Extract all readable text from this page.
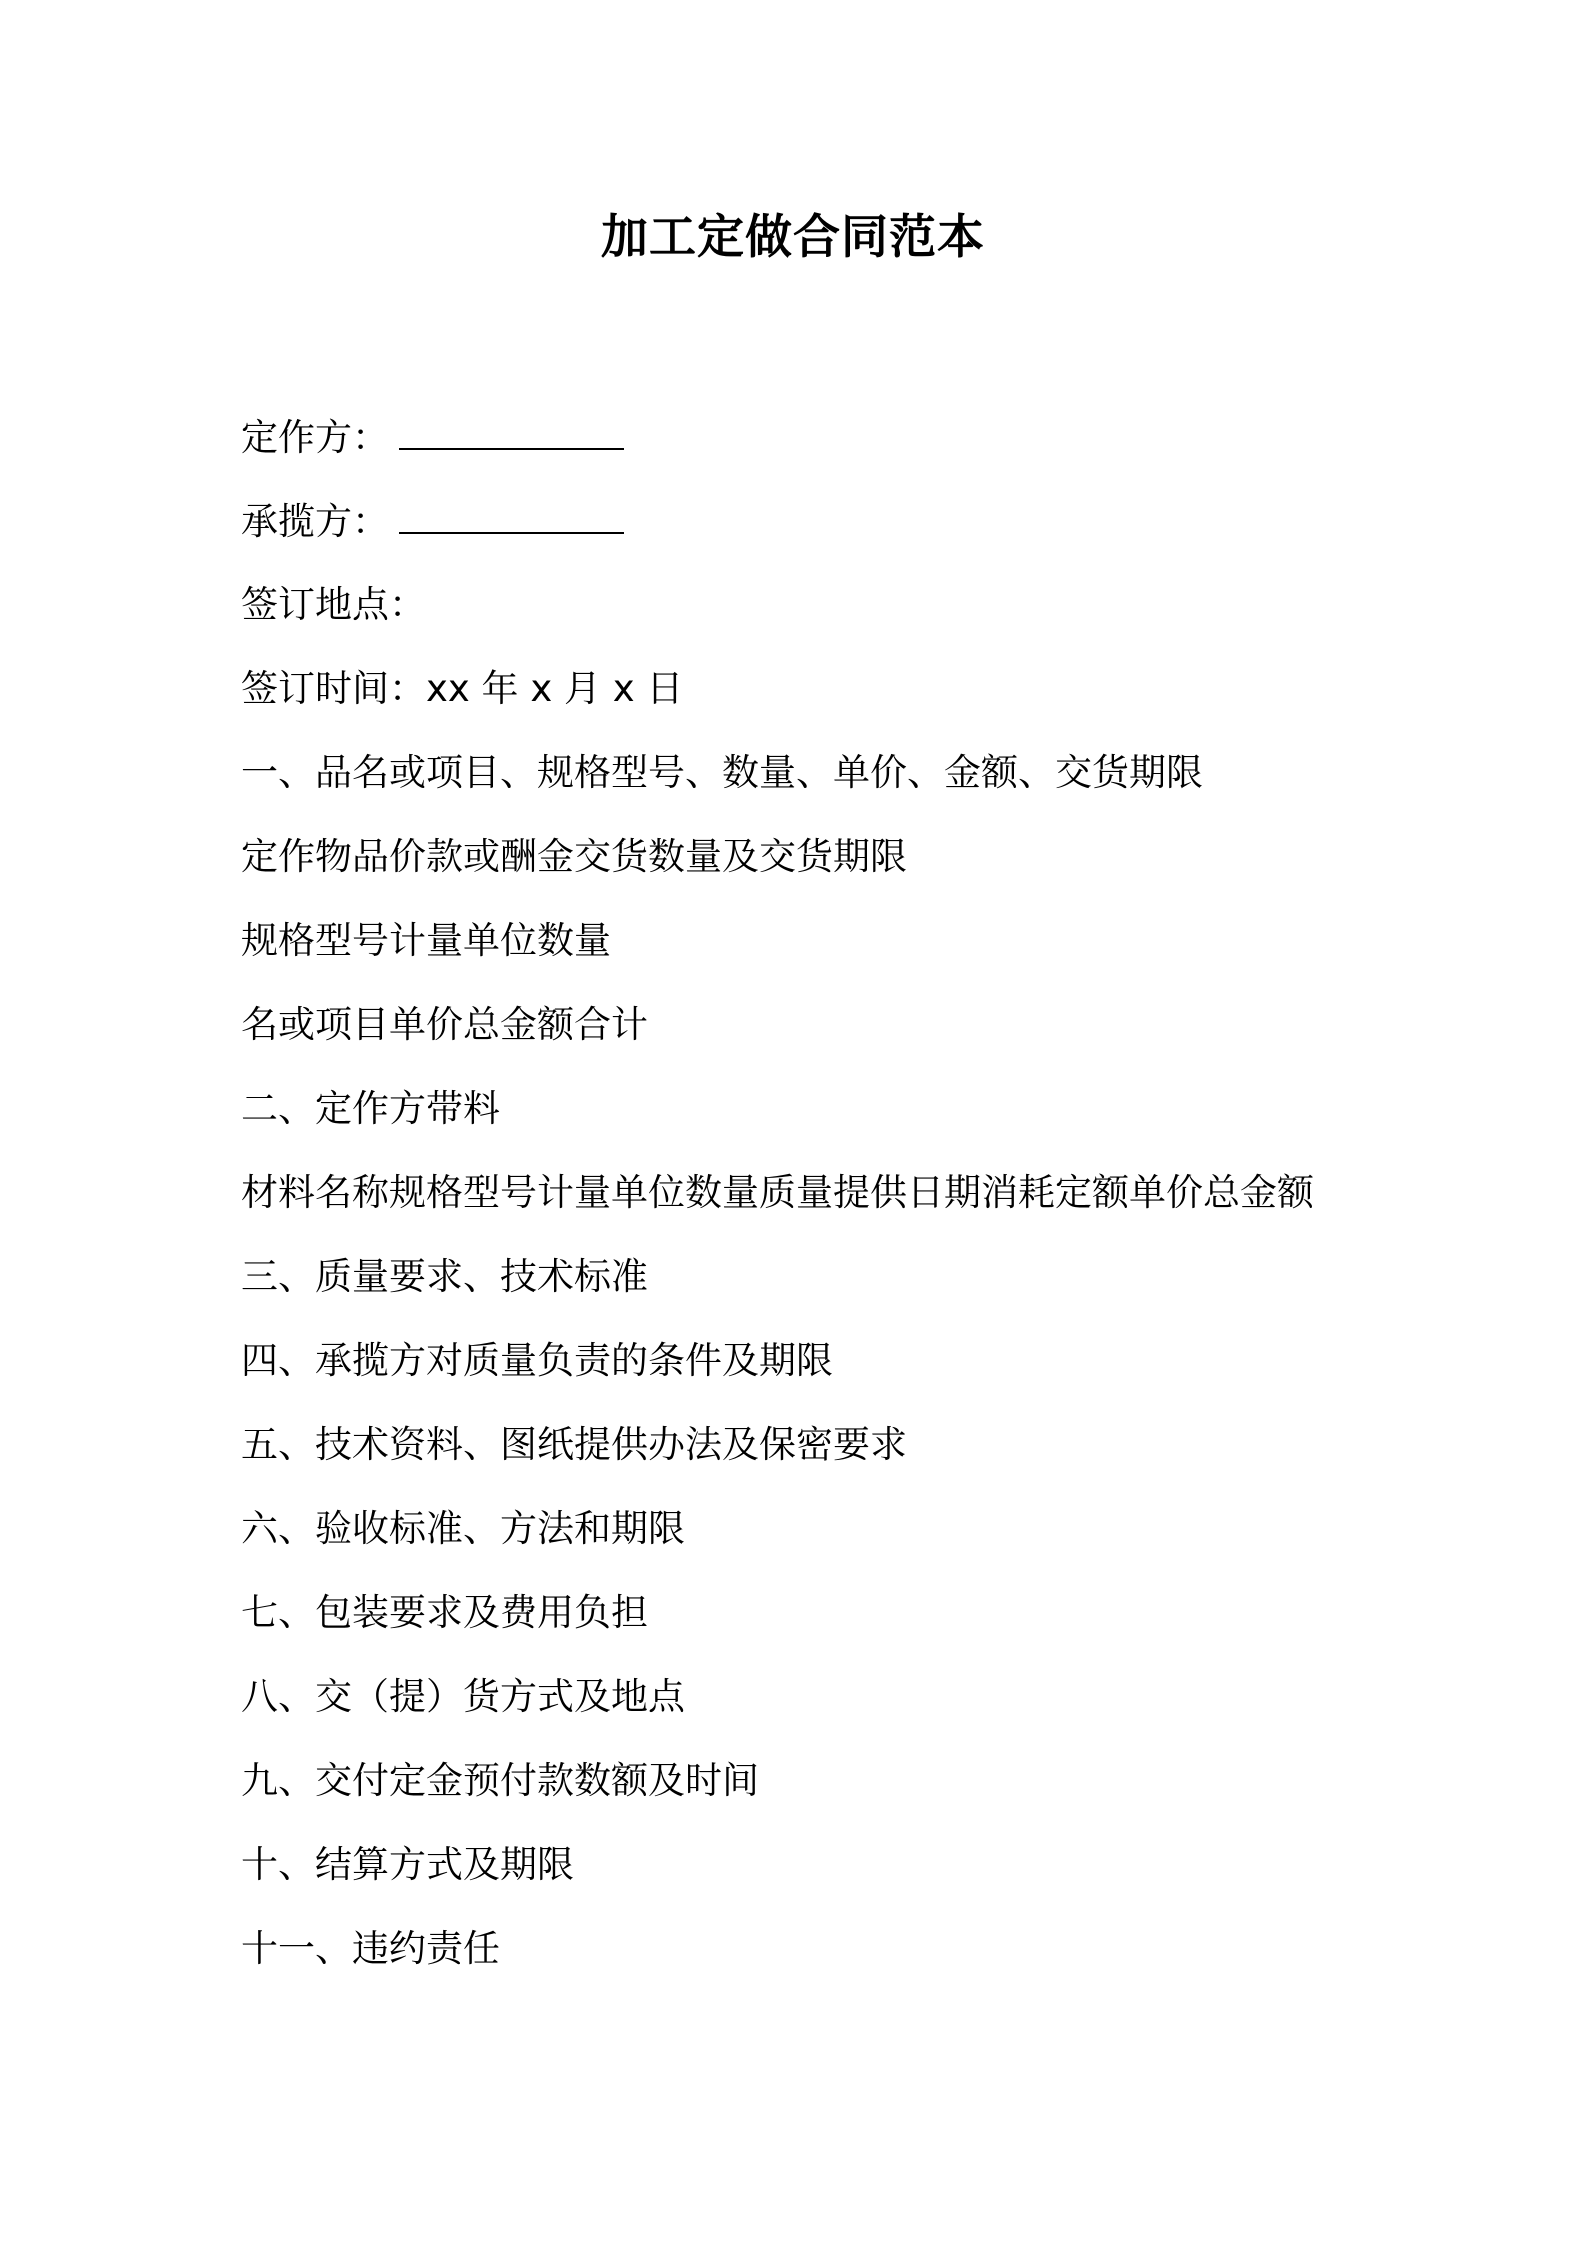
加工定做合同范本
定作方：
承揽方：
签订地点：
签订时间：xx 年 x 月 x 日
一、品名或项目、规格型号、数量、单价、金额、交货期限
定作物品价款或酬金交货数量及交货期限
规格型号计量单位数量
名或项目单价总金额合计
二、定作方带料
材料名称规格型号计量单位数量质量提供日期消耗定额单价总金额
三、质量要求、技术标准
四、承揽方对质量负责的条件及期限
五、技术资料、图纸提供办法及保密要求
六、验收标准、方法和期限
七、包装要求及费用负担
八、交（提）货方式及地点
九、交付定金预付款数额及时间
十、结算方式及期限
十一、违约责任
